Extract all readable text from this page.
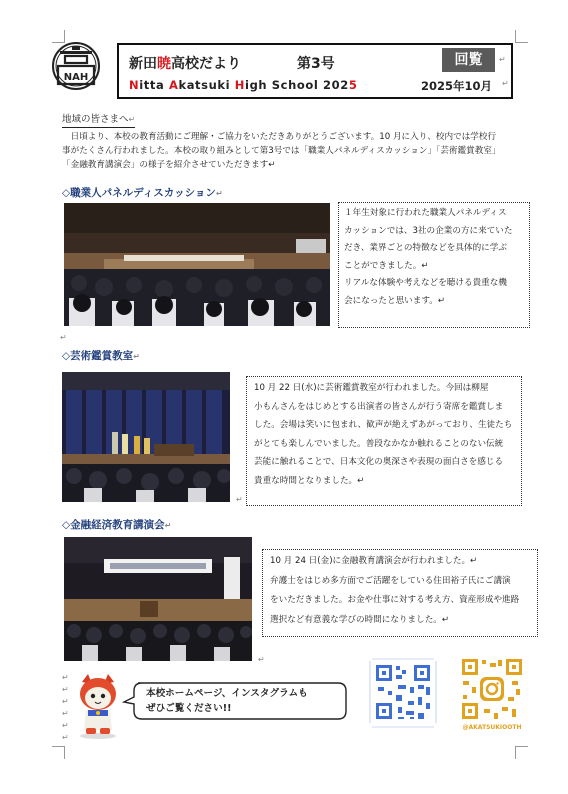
NAH
新田暁高校だより	第3号	回覧	↵
Nitta Akatsuki High School 2025	2025年10月 ↵
地域の皆さまへ↵
　日頃より、本校の教育活動にご理解・ご協力をいただきありがとうございます。10 月に入り、校内では学校行
事がたくさん行われました。本校の取り組みとして第3号では「職業人パネルディスカッション」「芸術鑑賞教室」
「金融教育講演会」の様子を紹介させていただきます↵
◇職業人パネルディスカッション↵
１年生対象に行われた職業人パネルディス
カッションでは、3社の企業の方に来ていた
だき、業界ごとの特徴などを具体的に学ぶ
ことができました。↵
リアルな体験や考えなどを聴ける貴重な機
会になったと思います。↵
◇芸術鑑賞教室↵
10 月 22 日(水)に芸術鑑賞教室が行われました。今回は柳屋
小もんさんをはじめとする出演者の皆さんが行う寄席を鑑賞しま
した。会場は笑いに包まれ、歓声が絶えずあがっており、生徒たち
がとても楽しんでいました。普段なかなか触れることのない伝統
芸能に触れることで、日本文化の奥深さや表現の面白さを感じる
貴重な時間となりました。↵
◇金融経済教育講演会↵
10 月 24 日(金)に金融教育講演会が行われました。↵
弁護士をはじめ多方面でご活躍をしている住田裕子氏にご講演
をいただきました。お金や仕事に対する考え方、資産形成や進路
選択など有意義な学びの時間になりました。↵
↵
↵
↵
↵
↵
↵
↵
↵
↵
本校ホームページ、インスタグラムも
ぜひご覧ください!!
@AKATSUKIOOTH
